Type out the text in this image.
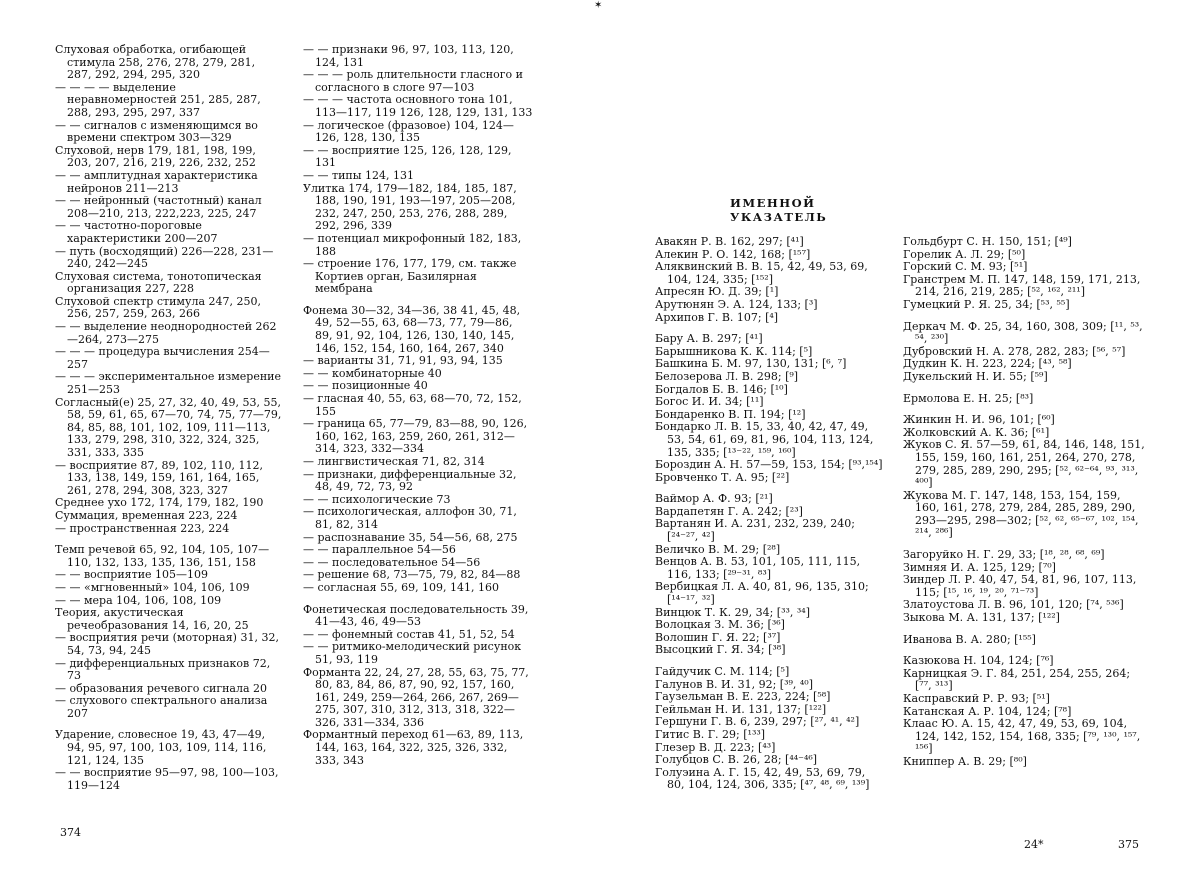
✶
Слуховая обработка, огибающей стимула 258, 276, 278, 279, 281, 287, 292, 294, 295, 320
— — — — выделение неравномерностей 251, 285, 287, 288, 293, 295, 297, 337
— — сигналов с изменяющимся во времени спектром 303—329
Слуховой, нерв 179, 181, 198, 199, 203, 207, 216, 219, 226, 232, 252
— — амплитудная характеристика нейронов 211—213
— — нейронный (частотный) канал 208—210, 213, 222,223, 225, 247
— — частотно-пороговые характеристики 200—207
— путь (восходящий) 226—228, 231—240, 242—245
Слуховая система, тонотопическая организация 227, 228
Слуховой спектр стимула 247, 250, 256, 257, 259, 263, 266
— — выделение неоднородностей 262—264, 273—275
— — — процедура вычисления 254—257
— — — экспериментальное измерение 251—253
Согласный(е) 25, 27, 32, 40, 49, 53, 55, 58, 59, 61, 65, 67—70, 74, 75, 77—79, 84, 85, 88, 101, 102, 109, 111—113, 133, 279, 298, 310, 322, 324, 325, 331, 333, 335
— восприятие 87, 89, 102, 110, 112, 133, 138, 149, 159, 161, 164, 165, 261, 278, 294, 308, 323, 327
Среднее ухо 172, 174, 179, 182, 190
Суммация, временная 223, 224
— пространственная 223, 224
Темп речевой 65, 92, 104, 105, 107—110, 132, 133, 135, 136, 151, 158
— — восприятие 105—109
— — «мгновенный» 104, 106, 109
— — мера 104, 106, 108, 109
Теория, акустическая речеобразования 14, 16, 20, 25
— восприятия речи (моторная) 31, 32, 54, 73, 94, 245
— дифференциальных признаков 72, 73
— образования речевого сигнала 20
— слухового спектрального анализа 207
Ударение, словесное 19, 43, 47—49, 94, 95, 97, 100, 103, 109, 114, 116, 121, 124, 135
— — восприятие 95—97, 98, 100—103, 119—124
— — признаки 96, 97, 103, 113, 120, 124, 131
— — — роль длительности гласного и согласного в слоге 97—103
— — — частота основного тона 101, 113—117, 119 126, 128, 129, 131, 133
— логическое (фразовое) 104, 124—126, 128, 130, 135
— — восприятие 125, 126, 128, 129, 131
— — типы 124, 131
Улитка 174, 179—182, 184, 185, 187, 188, 190, 191, 193—197, 205—208, 232, 247, 250, 253, 276, 288, 289, 292, 296, 339
— потенциал микрофонный 182, 183, 188
— строение 176, 177, 179, см. также Кортиев орган, Базилярная мембрана
Фонема 30—32, 34—36, 38 41, 45, 48, 49, 52—55, 63, 68—73, 77, 79—86, 89, 91, 92, 104, 126, 130, 140, 145, 146, 152, 154, 160, 164, 267, 340
— варианты 31, 71, 91, 93, 94, 135
— — комбинаторные 40
— — позиционные 40
— гласная 40, 55, 63, 68—70, 72, 152, 155
— граница 65, 77—79, 83—88, 90, 126, 160, 162, 163, 259, 260, 261, 312—314, 323, 332—334
— лингвистическая 71, 82, 314
— признаки, дифференциальные 32, 48, 49, 72, 73, 92
— — психологические 73
— психологическая, аллофон 30, 71, 81, 82, 314
— распознавание 35, 54—56, 68, 275
— — параллельное 54—56
— — последовательное 54—56
— решение 68, 73—75, 79, 82, 84—88
— согласная 55, 69, 109, 141, 160
Фонетическая последовательность 39, 41—43, 46, 49—53
— — фонемный состав 41, 51, 52, 54
— — ритмико-мелодический рисунок 51, 93, 119
Форманта 22, 24, 27, 28, 55, 63, 75, 77, 80, 83, 84, 86, 87, 90, 92, 157, 160, 161, 249, 259—264, 266, 267, 269—275, 307, 310, 312, 313, 318, 322—326, 331—334, 336
Формантный переход 61—63, 89, 113, 144, 163, 164, 322, 325, 326, 332, 333, 343
374
ИМЕННОЙ УКАЗАТЕЛЬ
Авакян Р. В. 162, 297; [⁴¹]
Алекин Р. О. 142, 168; [¹⁵⁷]
Аляквинский В. В. 15, 42, 49, 53, 69, 104, 124, 335; [¹⁵²]
Апресян Ю. Д. 39; [¹]
Арутюнян Э. А. 124, 133; [³]
Архипов Г. В. 107; [⁴]
Бару А. В. 297; [⁴¹]
Барышникова К. К. 114; [⁵]
Башкина Б. М. 97, 130, 131; [⁶, ⁷]
Белозерова Л. В. 298; [⁹]
Богдалов Б. В. 146; [¹⁰]
Богос И. И. 34; [¹¹]
Бондаренко В. П. 194; [¹²]
Бондарко Л. В. 15, 33, 40, 42, 47, 49, 53, 54, 61, 69, 81, 96, 104, 113, 124, 135, 335; [¹³⁻²², ¹⁵⁹, ¹⁶⁰]
Бороздин А. Н. 57—59, 153, 154; [⁹³,¹⁵⁴]
Бровченко Т. А. 95; [²²]
Ваймор А. Ф. 93; [²¹]
Вардапетян Г. А. 242; [²³]
Вартанян И. А. 231, 232, 239, 240; [²⁴⁻²⁷, ⁴²]
Величко В. М. 29; [²⁸]
Венцов А. В. 53, 101, 105, 111, 115, 116, 133; [²⁹⁻³¹, ⁸³]
Вербицкая Л. А. 40, 81, 96, 135, 310; [¹⁴⁻¹⁷, ³²]
Винцюк Т. К. 29, 34; [³³, ³⁴]
Волоцкая З. М. 36; [³⁶]
Волошин Г. Я. 22; [³⁷]
Высоцкий Г. Я. 34; [³⁸]
Гайдучик С. М. 114; [⁵]
Галунов В. И. 31, 92; [³⁹, ⁴⁰]
Гаузельман В. Е. 223, 224; [⁵⁸]
Гейльман Н. И. 131, 137; [¹²²]
Гершуни Г. В. 6, 239, 297; [²⁷, ⁴¹, ⁴²]
Гитис В. Г. 29; [¹³³]
Глезер В. Д. 223; [⁴³]
Голубцов С. В. 26, 28; [⁴⁴⁻⁴⁶]
Голуэина А. Г. 15, 42, 49, 53, 69, 79, 80, 104, 124, 306, 335; [⁴⁷, ⁴⁸, ⁶⁹, ¹³⁹]
Гольдбурт С. Н. 150, 151; [⁴⁹]
Горелик А. Л. 29; [⁵⁰]
Горский С. М. 93; [⁵¹]
Гранстрем М. П. 147, 148, 159, 171, 213, 214, 216, 219, 285; [⁵², ¹⁶², ²¹¹]
Гумецкий Р. Я. 25, 34; [⁵³, ⁵⁵]
Деркач М. Ф. 25, 34, 160, 308, 309; [¹¹, ⁵³, ⁵⁴, ²³⁰]
Дубровский Н. А. 278, 282, 283; [⁵⁶, ⁵⁷]
Дудкин К. Н. 223, 224; [⁴³, ⁵⁸]
Дукельский Н. И. 55; [⁵⁹]
Ермолова Е. Н. 25; [⁸³]
Жинкин Н. И. 96, 101; [⁶⁰]
Жолковский А. К. 36; [⁶¹]
Жуков С. Я. 57—59, 61, 84, 146, 148, 151, 155, 159, 160, 161, 251, 264, 270, 278, 279, 285, 289, 290, 295; [⁵², ⁶²⁻⁶⁴, ⁹³, ³¹³, ⁴⁰⁰]
Жукова М. Г. 147, 148, 153, 154, 159, 160, 161, 278, 279, 284, 285, 289, 290, 293—295, 298—302; [⁵², ⁶², ⁶⁵⁻⁶⁷, ¹⁰², ¹⁵⁴, ²¹⁴, ²⁸⁶]
Загоруйко Н. Г. 29, 33; [¹⁸, ²⁸, ⁶⁸, ⁶⁹]
Зимняя И. А. 125, 129; [⁷⁰]
Зиндер Л. Р. 40, 47, 54, 81, 96, 107, 113, 115; [¹⁵, ¹⁶, ¹⁹, ²⁰, ⁷¹⁻⁷³]
Златоустова Л. В. 96, 101, 120; [⁷⁴, ⁵³⁶]
Зыкова М. А. 131, 137; [¹²²]
Иванова В. А. 280; [¹⁵⁵]
Казюкова Н. 104, 124; [⁷⁶]
Карницкая Э. Г. 84, 251, 254, 255, 264; [⁷⁷, ³¹³]
Касправский Р. Р. 93; [⁵¹]
Катанская А. Р. 104, 124; [⁷⁸]
Клаас Ю. А. 15, 42, 47, 49, 53, 69, 104, 124, 142, 152, 154, 168, 335; [⁷⁹, ¹³⁰, ¹⁵⁷, ¹⁵⁶]
Книппер А. В. 29; [⁸⁰]
24*	375
